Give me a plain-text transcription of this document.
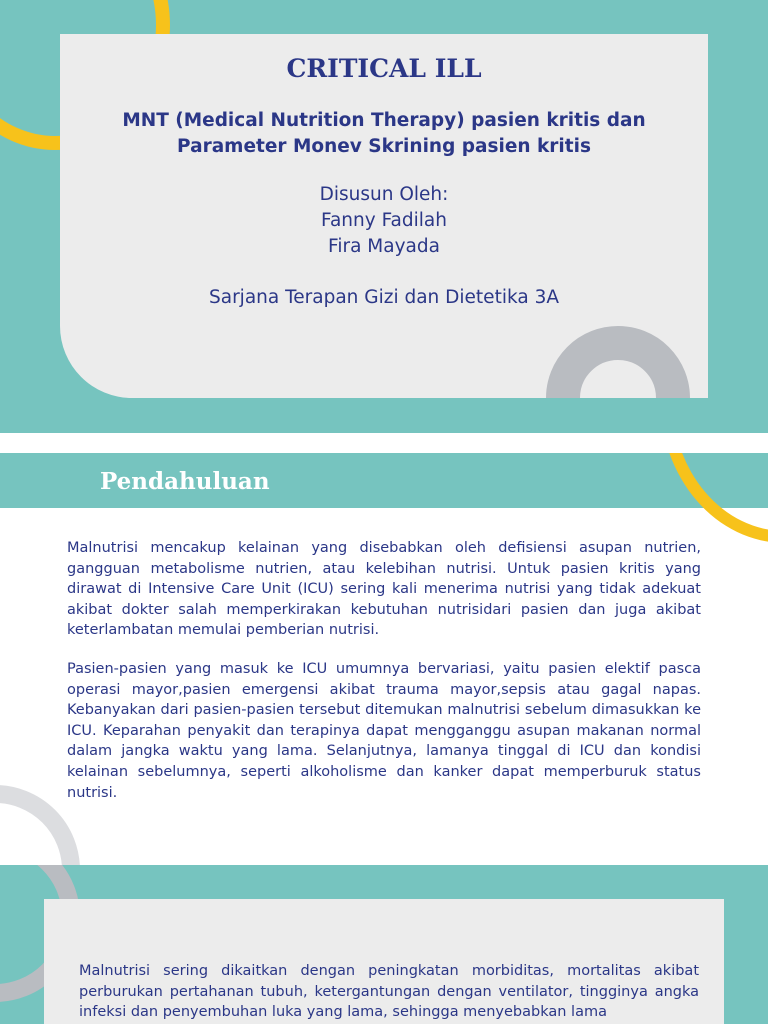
CRITICAL ILL
MNT (Medical Nutrition Therapy) pasien kritis dan
Parameter Monev Skrining pasien kritis
Disusun Oleh:
Fanny Fadilah
Fira Mayada
Sarjana Terapan Gizi dan Dietetika 3A
Pendahuluan

Malnutrisi mencakup kelainan yang disebabkan oleh defisiensi asupan nutrien, gangguan metabolisme nutrien, atau kelebihan nutrisi. Untuk pasien kritis yang dirawat di Intensive Care Unit (ICU) sering kali menerima nutrisi yang tidak adekuat akibat dokter salah memperkirakan kebutuhan nutrisidari pasien dan juga akibat keterlambatan memulai pemberian nutrisi.

Pasien-pasien yang masuk ke ICU umumnya bervariasi, yaitu pasien elektif pasca operasi mayor,pasien emergensi akibat trauma mayor,sepsis atau gagal napas. Kebanyakan dari pasien-pasien tersebut ditemukan malnutrisi sebelum dimasukkan ke ICU. Keparahan penyakit dan terapinya dapat mengganggu asupan makanan normal dalam jangka waktu yang lama. Selanjutnya, lamanya tinggal di ICU dan kondisi kelainan sebelumnya, seperti alkoholisme dan kanker dapat memperburuk status nutrisi.

Malnutrisi sering dikaitkan dengan peningkatan morbiditas, mortalitas akibat perburukan pertahanan tubuh, ketergantungan dengan ventilator, tingginya angka infeksi dan penyembuhan luka yang lama, sehingga menyebabkan lama
